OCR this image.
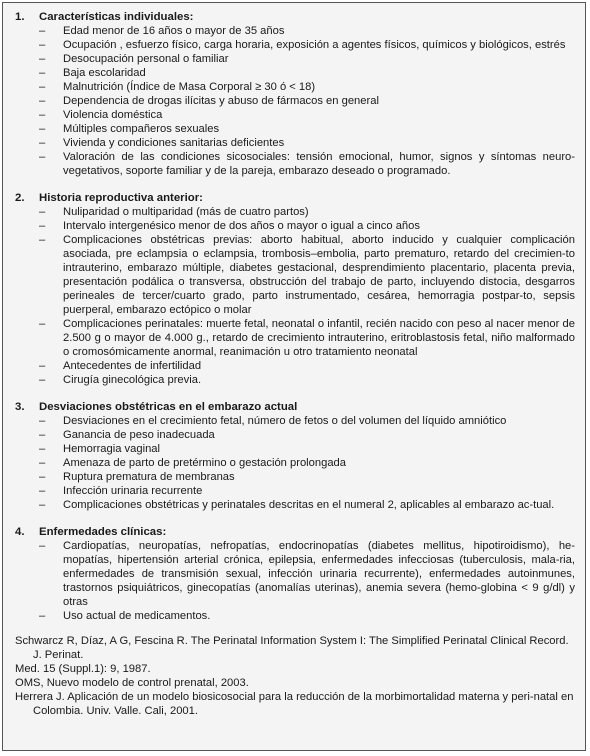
1.	Características individuales:
–	Edad menor de 16 años o mayor de 35 años
–	Ocupación , esfuerzo físico, carga horaria, exposición a agentes físicos, químicos y biológicos, estrés
–	Desocupación personal o familiar
–	Baja escolaridad
–	Malnutrición (Índice de Masa Corporal ≥ 30 ó < 18)
–	Dependencia de drogas ilícitas y abuso de fármacos en general
–	Violencia doméstica
–	Múltiples compañeros sexuales
–	Vivienda y condiciones sanitarias deficientes
–	Valoración de las condiciones sicosociales: tensión emocional, humor, signos y síntomas neuro-vegetativos, soporte familiar y de la pareja, embarazo deseado o programado.
2.	Historia reproductiva anterior:
–	Nuliparidad o multiparidad (más de cuatro partos)
–	Intervalo intergenésico menor de dos años o mayor o igual a cinco años
–	Complicaciones obstétricas previas: aborto habitual, aborto inducido y cualquier complicación asociada, pre eclampsia o eclampsia, trombosis–embolia, parto prematuro, retardo del crecimien-to intrauterino, embarazo múltiple, diabetes gestacional, desprendimiento placentario, placenta previa, presentación podálica o transversa, obstrucción del trabajo de parto, incluyendo distocia, desgarros perineales de tercer/cuarto grado, parto instrumentado, cesárea, hemorragia postpar-to, sepsis puerperal, embarazo ectópico o molar
–	Complicaciones perinatales: muerte fetal, neonatal o infantil, recién nacido con peso al nacer menor de 2.500 g o mayor de 4.000 g., retardo de crecimiento intrauterino, eritroblastosis fetal, niño malformado o cromosómicamente anormal, reanimación u otro tratamiento neonatal
–	Antecedentes de infertilidad
–	Cirugía ginecológica previa.
3.	Desviaciones obstétricas en el embarazo actual
–	Desviaciones en el crecimiento fetal, número de fetos o del volumen del líquido amniótico
–	Ganancia de peso inadecuada
–	Hemorragia vaginal
–	Amenaza de parto de pretérmino o gestación prolongada
–	Ruptura prematura de membranas
–	Infección urinaria recurrente
–	Complicaciones obstétricas y perinatales descritas en el numeral 2, aplicables al embarazo ac-tual.
4.	Enfermedades clínicas:
–	Cardiopatías, neuropatías, nefropatías, endocrinopatías (diabetes mellitus, hipotiroidismo), he-mopatías, hipertensión arterial crónica, epilepsia, enfermedades infecciosas (tuberculosis, mala-ria, enfermedades de transmisión sexual, infección urinaria recurrente), enfermedades autoinmunes, trastornos psiquiátricos, ginecopatías (anomalías uterinas), anemia severa (hemo-globina < 9 g/dl) y otras
–	Uso actual de medicamentos.

Schwarcz R, Díaz, A G, Fescina R. The Perinatal Information System I: The Simplified Perinatal Clinical Record. J. Perinat.

Med. 15 (Suppl.1): 9, 1987.

OMS, Nuevo modelo de control prenatal, 2003.

Herrera J. Aplicación de un modelo biosicosocial para la reducción de la morbimortalidad materna y peri-natal en Colombia. Univ. Valle. Cali, 2001.
